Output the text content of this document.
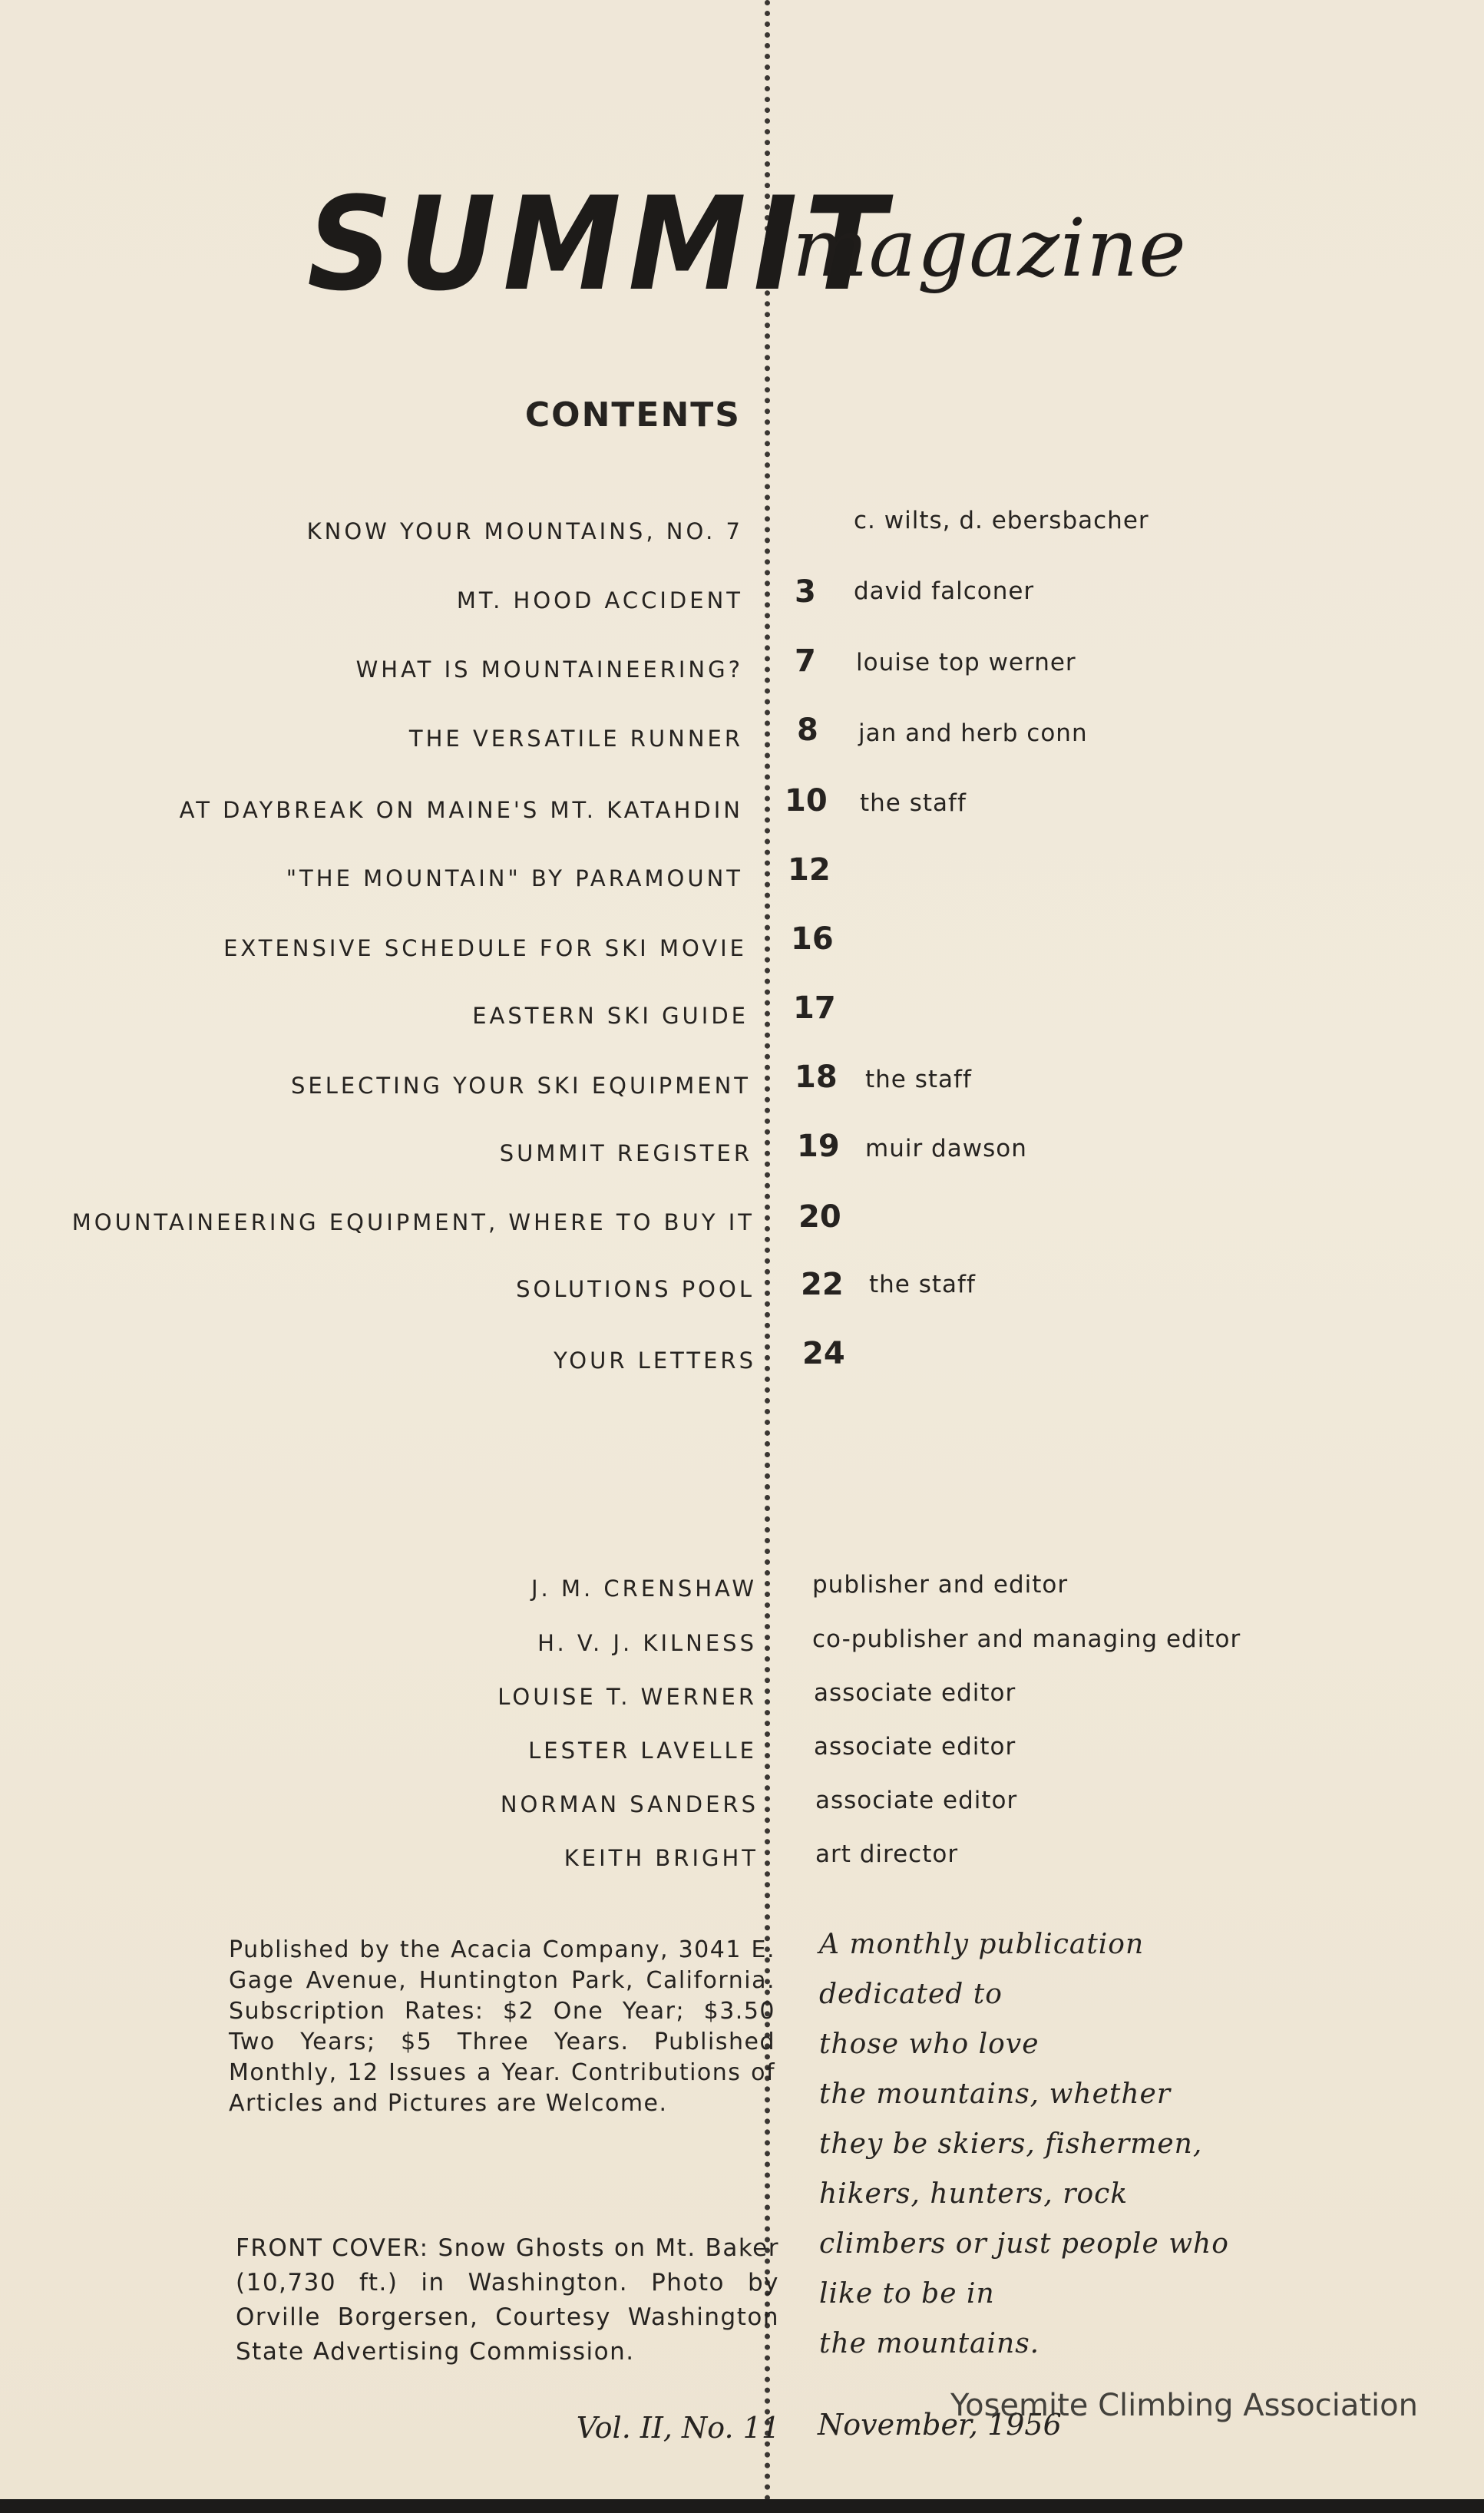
SUMMIT
magazine
CONTENTS
KNOW YOUR MOUNTAINS, NO. 7	c. wilts, d. ebersbacher
MT. HOOD ACCIDENT 3 david falconer
WHAT IS MOUNTAINEERING? 7 louise top werner
THE VERSATILE RUNNER 8 jan and herb conn
AT DAYBREAK ON MAINE'S MT. KATAHDIN 10 the staff
"THE MOUNTAIN" BY PARAMOUNT 12
EXTENSIVE SCHEDULE FOR SKI MOVIE 16
EASTERN SKI GUIDE 17
SELECTING YOUR SKI EQUIPMENT 18 the staff
SUMMIT REGISTER 19 muir dawson
MOUNTAINEERING EQUIPMENT, WHERE TO BUY IT 20
SOLUTIONS POOL 22 the staff
YOUR LETTERS 24
J. M. CRENSHAW publisher and editor
H. V. J. KILNESS co-publisher and managing editor
LOUISE T. WERNER associate editor
LESTER LAVELLE associate editor
NORMAN SANDERS associate editor
KEITH BRIGHT art director
Published by the Acacia Company, 3041 E. Gage Avenue, Huntington Park, California. Subscription Rates: $2 One Year; $3.50 Two Years; $5 Three Years. Published Monthly, 12 Issues a Year. Contributions of Articles and Pictures are Welcome.
FRONT COVER: Snow Ghosts on Mt. Baker (10,730 ft.) in Washington. Photo by Orville Borgersen, Courtesy Washington State Advertising Commission.
A monthly publication
dedicated to
those who love
the mountains, whether
they be skiers, fishermen,
hikers, hunters, rock
climbers or just people who
like to be in
the mountains.
Vol. II, No. 11 November, 1956
Yosemite Climbing Association
